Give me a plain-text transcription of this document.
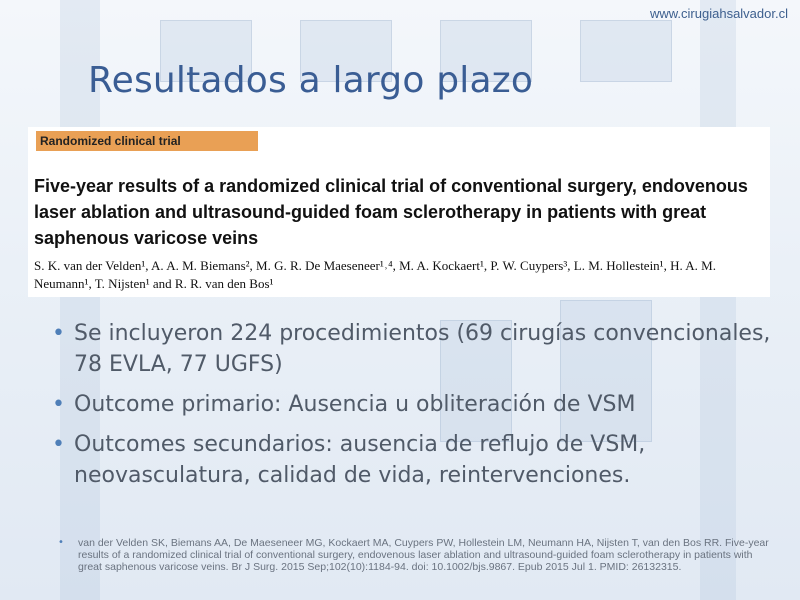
www.cirugiahsalvador.cl
Resultados a largo plazo
Randomized clinical trial

Five-year results of a randomized clinical trial of conventional surgery, endovenous laser ablation and ultrasound-guided foam sclerotherapy in patients with great saphenous varicose veins

S. K. van der Velden¹, A. A. M. Biemans², M. G. R. De Maeseneer¹˒⁴, M. A. Kockaert¹, P. W. Cuypers³, L. M. Hollestein¹, H. A. M. Neumann¹, T. Nijsten¹ and R. R. van den Bos¹

• Se incluyeron 224 procedimientos (69 cirugías convencionales, 78 EVLA, 77 UGFS)
• Outcome primario: Ausencia u obliteración de VSM
• Outcomes secundarios: ausencia de reflujo de VSM, neovasculatura, calidad de vida, reintervenciones.
• van der Velden SK, Biemans AA, De Maeseneer MG, Kockaert MA, Cuypers PW, Hollestein LM, Neumann HA, Nijsten T, van den Bos RR. Five-year results of a randomized clinical trial of conventional surgery, endovenous laser ablation and ultrasound-guided foam sclerotherapy in patients with great saphenous varicose veins. Br J Surg. 2015 Sep;102(10):1184-94. doi: 10.1002/bjs.9867. Epub 2015 Jul 1. PMID: 26132315.
